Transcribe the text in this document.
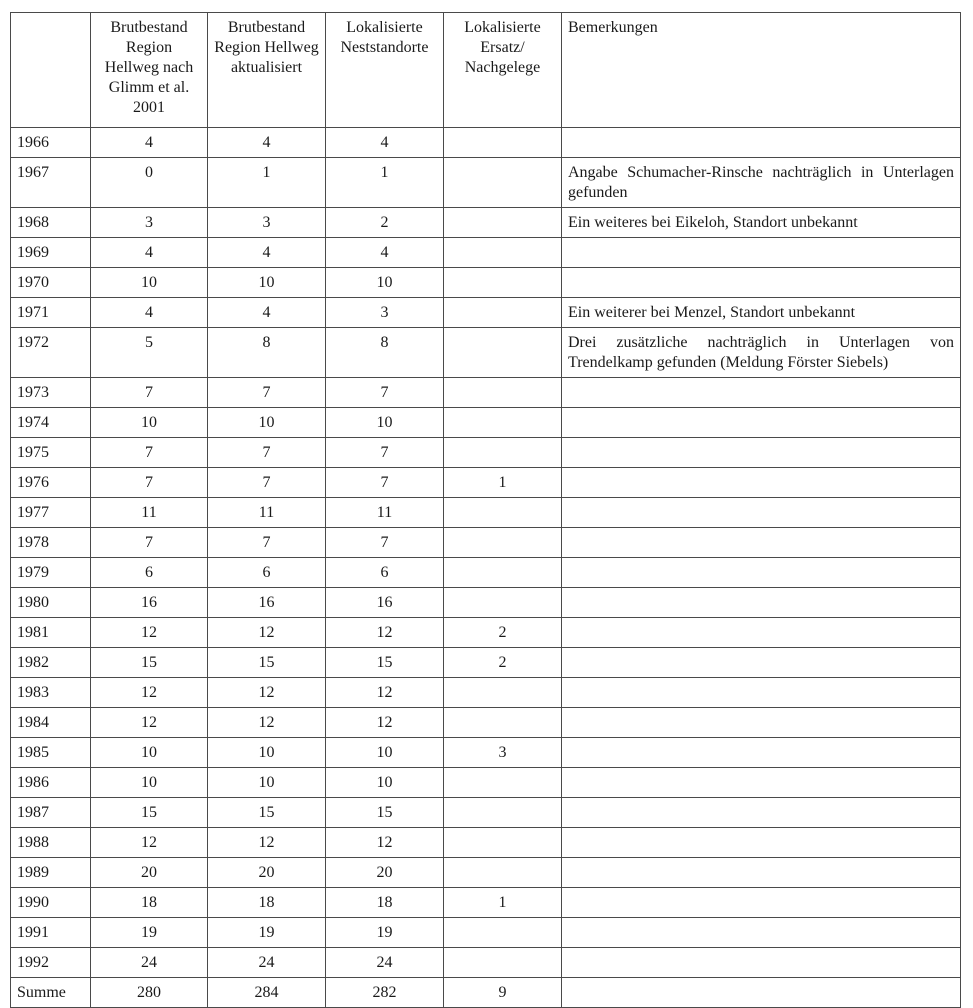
	Brutbestand Region Hellweg nach Glimm et al. 2001	Brutbestand Region Hellweg aktualisiert	Lokalisierte Neststandorte	Lokalisierte Ersatz/ Nachgelege	Bemerkungen
1966	4	4	4		
1967	0	1	1		Angabe Schumacher-Rinsche nachträglich in Unterlagen gefunden
1968	3	3	2		Ein weiteres bei Eikeloh, Standort unbekannt
1969	4	4	4		
1970	10	10	10		
1971	4	4	3		Ein weiterer bei Menzel, Standort unbekannt
1972	5	8	8		Drei zusätzliche nachträglich in Unterlagen von Trendelkamp gefunden (Meldung Förster Siebels)
1973	7	7	7		
1974	10	10	10		
1975	7	7	7		
1976	7	7	7	1	
1977	11	11	11		
1978	7	7	7		
1979	6	6	6		
1980	16	16	16		
1981	12	12	12	2	
1982	15	15	15	2	
1983	12	12	12		
1984	12	12	12		
1985	10	10	10	3	
1986	10	10	10		
1987	15	15	15		
1988	12	12	12		
1989	20	20	20		
1990	18	18	18	1	
1991	19	19	19		
1992	24	24	24		
Summe	280	284	282	9	
